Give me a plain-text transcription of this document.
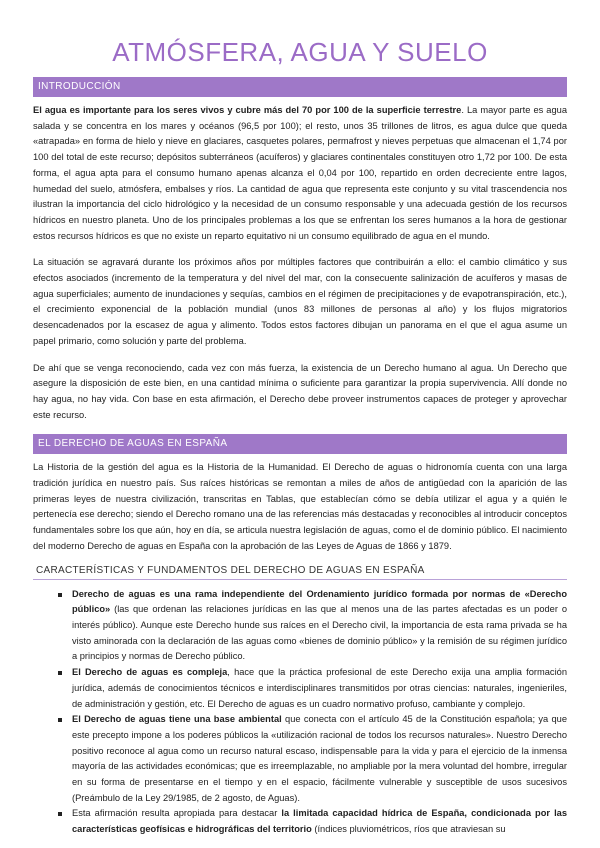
ATMÓSFERA, AGUA Y SUELO
INTRODUCCIÓN

El agua es importante para los seres vivos y cubre más del 70 por 100 de la superficie terrestre. La mayor parte es agua salada y se concentra en los mares y océanos (96,5 por 100); el resto, unos 35 trillones de litros, es agua dulce que queda «atrapada» en forma de hielo y nieve en glaciares, casquetes polares, permafrost y nieves perpetuas que almacenan el 1,74 por 100 del total de este recurso; depósitos subterráneos (acuíferos) y glaciares continentales constituyen otro 1,72 por 100. De esta forma, el agua apta para el consumo humano apenas alcanza el 0,04 por 100, repartido en orden decreciente entre lagos, humedad del suelo, atmósfera, embalses y ríos. La cantidad de agua que representa este conjunto y su vital trascendencia nos ilustran la importancia del ciclo hidrológico y la necesidad de un consumo responsable y una adecuada gestión de los recursos hídricos en nuestro planeta. Uno de los principales problemas a los que se enfrentan los seres humanos a la hora de gestionar estos recursos hídricos es que no existe un reparto equitativo ni un consumo equilibrado de agua en el mundo.

La situación se agravará durante los próximos años por múltiples factores que contribuirán a ello: el cambio climático y sus efectos asociados (incremento de la temperatura y del nivel del mar, con la consecuente salinización de acuíferos y masas de agua superficiales; aumento de inundaciones y sequías, cambios en el régimen de precipitaciones y de evapotranspiración, etc.), el crecimiento exponencial de la población mundial (unos 83 millones de personas al año) y los flujos migratorios desencadenados por la escasez de agua y alimento. Todos estos factores dibujan un panorama en el que el agua asume un papel primario, como solución y parte del problema.

De ahí que se venga reconociendo, cada vez con más fuerza, la existencia de un Derecho humano al agua. Un Derecho que asegure la disposición de este bien, en una cantidad mínima o suficiente para garantizar la propia supervivencia. Allí donde no hay agua, no hay vida. Con base en esta afirmación, el Derecho debe proveer instrumentos capaces de proteger y aprovechar este recurso.

EL DERECHO DE AGUAS EN ESPAÑA

La Historia de la gestión del agua es la Historia de la Humanidad. El Derecho de aguas o hidronomía cuenta con una larga tradición jurídica en nuestro país. Sus raíces históricas se remontan a miles de años de antigüedad con la aparición de las primeras leyes de nuestra civilización, transcritas en Tablas, que establecían cómo se debía utilizar el agua y a quién le pertenecía ese derecho; siendo el Derecho romano una de las referencias más destacadas y reconocibles al introducir conceptos fundamentales sobre los que aún, hoy en día, se articula nuestra legislación de aguas, como el de dominio público. El nacimiento del moderno Derecho de aguas en España con la aprobación de las Leyes de Aguas de 1866 y 1879.

CARACTERÍSTICAS Y FUNDAMENTOS DEL DERECHO DE AGUAS EN ESPAÑA
Derecho de aguas es una rama independiente del Ordenamiento jurídico formada por normas de «Derecho público» (las que ordenan las relaciones jurídicas en las que al menos una de las partes afectadas es un poder o interés público). Aunque este Derecho hunde sus raíces en el Derecho civil, la importancia de esta rama privada se ha visto aminorada con la declaración de las aguas como «bienes de dominio público» y la remisión de su régimen jurídico a principios y normas de Derecho público.
El Derecho de aguas es compleja, hace que la práctica profesional de este Derecho exija una amplia formación jurídica, además de conocimientos técnicos e interdisciplinares transmitidos por otras ciencias: naturales, ingenieriles, de administración y gestión, etc. El Derecho de aguas es un cuadro normativo profuso, cambiante y complejo.
El Derecho de aguas tiene una base ambiental que conecta con el artículo 45 de la Constitución española; ya que este precepto impone a los poderes públicos la «utilización racional de todos los recursos naturales». Nuestro Derecho positivo reconoce al agua como un recurso natural escaso, indispensable para la vida y para el ejercicio de la inmensa mayoría de las actividades económicas; que es irreemplazable, no ampliable por la mera voluntad del hombre, irregular en su forma de presentarse en el tiempo y en el espacio, fácilmente vulnerable y susceptible de usos sucesivos (Preámbulo de la Ley 29/1985, de 2 agosto, de Aguas).
Esta afirmación resulta apropiada para destacar la limitada capacidad hídrica de España, condicionada por las características geofísicas e hidrográficas del territorio (índices pluviométricos, ríos que atraviesan su
